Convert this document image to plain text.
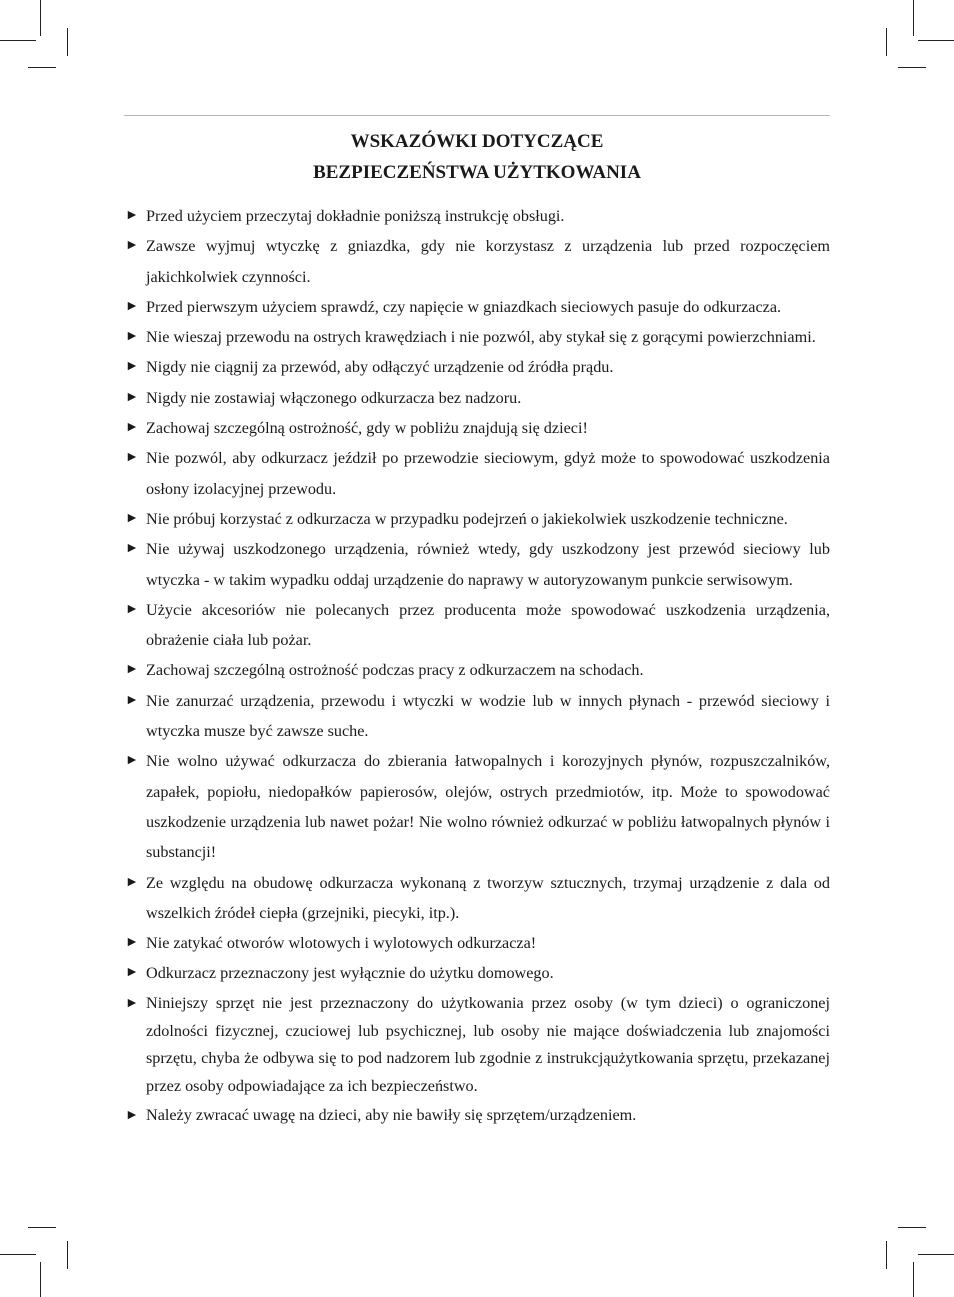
WSKAZÓWKI DOTYCZĄCE
BEZPIECZEŃSTWA UŻYTKOWANIA
► Przed użyciem przeczytaj dokładnie poniższą instrukcję obsługi.
► Zawsze wyjmuj wtyczkę z gniazdka, gdy nie korzystasz z urządzenia lub przed rozpoczęciem jakichkolwiek czynności.
► Przed pierwszym użyciem sprawdź, czy napięcie w gniazdkach sieciowych pasuje do odkurzacza.
► Nie wieszaj przewodu na ostrych krawędziach i nie pozwól, aby stykał się z gorącymi powierzchniami.
► Nigdy nie ciągnij za przewód, aby odłączyć urządzenie od źródła prądu.
► Nigdy nie zostawiaj włączonego odkurzacza bez nadzoru.
► Zachowaj szczególną ostrożność, gdy w pobliżu znajdują się dzieci!
► Nie pozwól, aby odkurzacz jeździł po przewodzie sieciowym, gdyż może to spowodować uszkodzenia osłony izolacyjnej przewodu.
► Nie próbuj korzystać z odkurzacza w przypadku podejrzeń o jakiekolwiek uszkodzenie techniczne.
► Nie używaj uszkodzonego urządzenia, również wtedy, gdy uszkodzony jest przewód sieciowy lub wtyczka - w takim wypadku oddaj urządzenie do naprawy w autoryzowanym punkcie serwisowym.
► Użycie akcesoriów nie polecanych przez producenta może spowodować uszkodzenia urządzenia, obrażenie ciała lub pożar.
► Zachowaj szczególną ostrożność podczas pracy z odkurzaczem na schodach.
► Nie zanurzać urządzenia, przewodu i wtyczki w wodzie lub w innych płynach - przewód sieciowy i wtyczka musze być zawsze suche.
► Nie wolno używać odkurzacza do zbierania łatwopalnych i korozyjnych płynów, rozpuszczalników, zapałek, popiołu, niedopałków papierosów, olejów, ostrych przedmiotów, itp. Może to spowodować uszkodzenie urządzenia lub nawet pożar! Nie wolno również odkurzać w pobliżu łatwopalnych płynów i substancji!
► Ze względu na obudowę odkurzacza wykonaną z tworzyw sztucznych, trzymaj urządzenie z dala od wszelkich źródeł ciepła (grzejniki, piecyki, itp.).
► Nie zatykać otworów wlotowych i wylotowych odkurzacza!
► Odkurzacz przeznaczony jest wyłącznie do użytku domowego.
► Niniejszy sprzęt nie jest przeznaczony do użytkowania przez osoby (w tym dzieci) o ograniczonej zdolności fizycznej, czuciowej lub psychicznej, lub osoby nie mające doświadczenia lub znajomości sprzętu, chyba że odbywa się to pod nadzorem lub zgodnie z instrukcjąużytkowania sprzętu, przekazanej przez osoby odpowiadające za ich bezpieczeństwo.
► Należy zwracać uwagę na dzieci, aby nie bawiły się sprzętem/urządzeniem.
